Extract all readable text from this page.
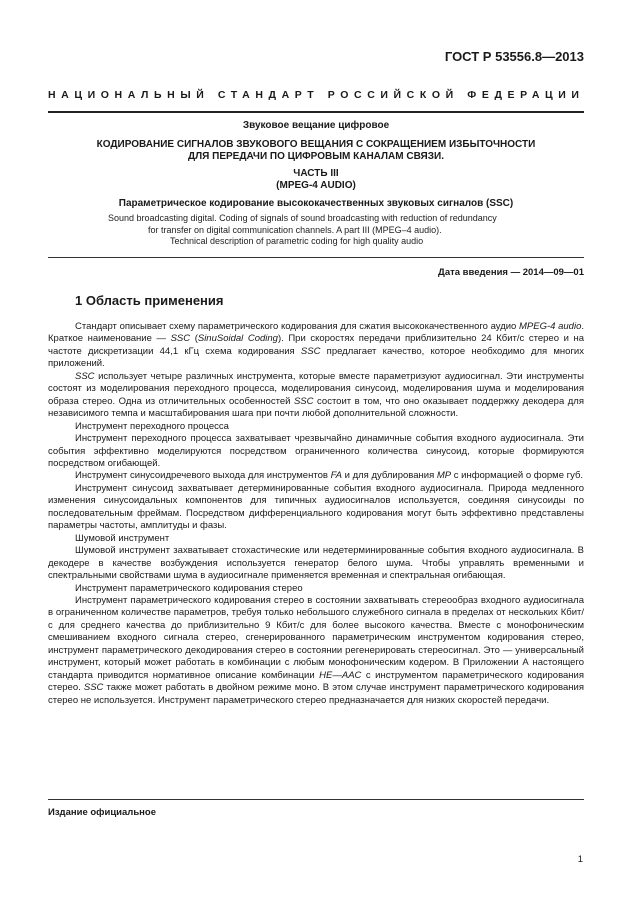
ГОСТ Р 53556.8—2013
НАЦИОНАЛЬНЫЙ СТАНДАРТ РОССИЙСКОЙ ФЕДЕРАЦИИ
Звуковое вещание цифровое
КОДИРОВАНИЕ СИГНАЛОВ ЗВУКОВОГО ВЕЩАНИЯ С СОКРАЩЕНИЕМ ИЗБЫТОЧНОСТИ
ДЛЯ ПЕРЕДАЧИ ПО ЦИФРОВЫМ КАНАЛАМ СВЯЗИ.
ЧАСТЬ III
(MPEG-4 AUDIO)
Параметрическое кодирование высококачественных звуковых сигналов (SSC)

Sound broadcasting digital. Coding of signals of sound broadcasting with reduction of redundancy

for transfer on digital communication channels. A part III (MPEG–4 audio).

Technical description of parametric coding for high quality audio

Дата введения — 2014—09—01
1 Область применения

Стандарт описывает схему параметрического кодирования для сжатия высококачественного аудио MPEG-4 audio. Краткое наименование — SSC (SinuSoidal Coding). При скоростях передачи приблизительно 24 Кбит/с стерео и на частоте дискретизации 44,1 кГц схема кодирования SSC предлагает качество, которое необходимо для многих приложений.

SSC использует четыре различных инструмента, которые вместе параметризуют аудиосигнал. Эти инструменты состоят из моделирования переходного процесса, моделирования синусоид, моделирования шума и моделирования образа стерео. Одна из отличительных особенностей SSC состоит в том, что оно оказывает поддержку декодера для независимого темпа и масштабирования шага при почти любой дополнительной сложности.

Инструмент переходного процесса

Инструмент переходного процесса захватывает чрезвычайно динамичные события входного аудиосигнала. Эти события эффективно моделируются посредством ограниченного количества синусоид, которые формируются посредством огибающей.

Инструмент синусоидречевого выхода для инструментов FA и для дублирования MP с информацией о форме губ.

Инструмент синусоид захватывает детерминированные события входного аудиосигнала. Природа медленного изменения синусоидальных компонентов для типичных аудиосигналов используется, соединяя синусоиды по последовательным фреймам. Посредством дифференциального кодирования могут быть эффективно представлены параметры частоты, амплитуды и фазы.

Шумовой инструмент

Шумовой инструмент захватывает стохастические или недетерминированные события входного аудиосигнала. В декодере в качестве возбуждения используется генератор белого шума. Чтобы управлять временными и спектральными свойствами шума в аудиосигнале применяется временная и спектральная огибающая.

Инструмент параметрического кодирования стерео

Инструмент параметрического кодирования стерео в состоянии захватывать стереообраз входного аудиосигнала в ограниченном количестве параметров, требуя только небольшого служебного сигнала в пределах от нескольких Кбит/с для среднего качества до приблизительно 9 Кбит/с для более высокого качества. Вместе с монофоническим смешиванием входного сигнала стерео, сгенерированного параметрическим инструментом кодирования стерео, инструмент параметрического декодирования стерео в состоянии регенерировать стереосигнал. Это — универсальный инструмент, который может работать в комбинации с любым монофоническим кодером. В Приложении А настоящего стандарта приводится нормативное описание комбинации HE—AAC с инструментом параметрического кодирования стерео. SSC также может работать в двойном режиме моно. В этом случае инструмент параметрического кодирования стерео не используется. Инструмент параметрического стерео предназначается для низких скоростей передачи.

Издание официальное
1
